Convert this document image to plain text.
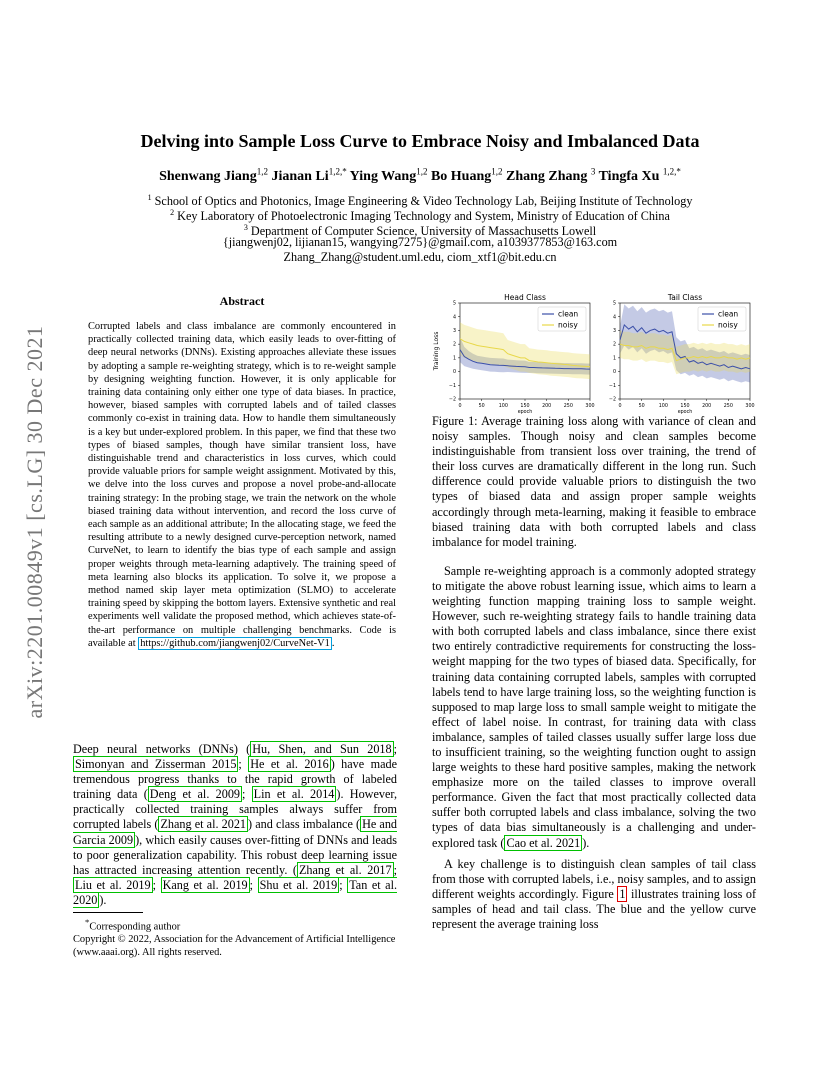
arXiv:2201.00849v1 [cs.LG] 30 Dec 2021
Delving into Sample Loss Curve to Embrace Noisy and Imbalanced Data
Shenwang Jiang$^{1,2}$ Jianan $Li^{1,2,*}$ Ying Wang$^{1,2}$ Bo Huang$^{1,2}$ Zhang Zhang $^3$ Tingfa Xu $^{1,2,*}$
$^1$ School of Optics and Photonics, Image Engineering & Video Technology Lab, Beijing Institute of Technology
$^2$ Key Laboratory of Photoelectronic Imaging Technology and System, Ministry of Education of China
$^3$ Department of Computer Science, University of Massachusetts Lowell
{jiangwenj02, lijianan15, wangying7275}@gmail.com, a1039377853@163.com
Zhang_Zhang@student.uml.edu, ciom_xtf1@bit.edu.cn
Abstract
Corrupted labels and class imbalance are commonly encountered in practically collected training data, which easily leads to over-fitting of deep neural networks (DNNs). Existing approaches alleviate these issues by adopting a sample re-weighting strategy, which is to re-weight sample by designing weighting function. However, it is only applicable for training data containing only either one type of data biases. In practice, however, biased samples with corrupted labels and of tailed classes commonly co-exist in training data. How to handle them simultaneously is a key but under-explored problem. In this paper, we find that these two types of biased samples, though have similar transient loss, have distinguishable trend and characteristics in loss curves, which could provide valuable priors for sample weight assignment. Motivated by this, we delve into the loss curves and propose a novel probe-and-allocate training strategy: In the probing stage, we train the network on the whole biased training data without intervention, and record the loss curve of each sample as an additional attribute; In the allocating stage, we feed the resulting attribute to a newly designed curve-perception network, named CurveNet, to learn to identify the bias type of each sample and assign proper weights through meta-learning adaptively. The training speed of meta learning also blocks its application. To solve it, we propose a method named skip layer meta optimization (SLMO) to accelerate training speed by skipping the bottom layers. Extensive synthetic and real experiments well validate the proposed method, which achieves state-of-the-art performance on multiple challenging benchmarks. Code is available at https://github.com/jiangwenj02/CurveNet-V1 .

Deep neural networks (DNNs) ( Hu, Shen, and Sun 2018 ; Simonyan and Zisserman 2015 ; He et al. 2016 ) have made tremendous progress thanks to the rapid growth of labeled training data ( Deng et al. 2009 ; Lin et al. 2014 ). However, practically collected training samples always suffer from corrupted labels ( Zhang et al. 2021 ) and class imbalance ( He and Garcia 2009 ), which easily causes over-fitting of DNNs and leads to poor generalization capability. This robust deep learning issue has attracted increasing attention recently. ( Zhang et al. 2017 ; Liu et al. 2019 ; Kang et al. 2019 ; Shu et al. 2019 ; Tan et al. 2020 ).

*Corresponding author
Copyright © 2022, Association for the Advancement of Artificial Intelligence (www.aaai.org). All rights reserved.
Head Class
0	50	100	150	200	250	300
−2
−1
0
1
2
3
4
5
epoch
Training Loss
clean
noisy
Tail Class
0	50	100	150	200	250	300
−2
−1
0
1
2
3
4
5
epoch
clean
noisy

Figure 1: Average training loss along with variance of clean and noisy samples. Though noisy and clean samples become indistinguishable from transient loss over training, the trend of their loss curves are dramatically different in the long run. Such difference could provide valuable priors to distinguish the two types of biased data and assign proper sample weights accordingly through meta-learning, making it feasible to embrace biased training data with both corrupted labels and class imbalance for model training.

Sample re-weighting approach is a commonly adopted strategy to mitigate the above robust learning issue, which aims to learn a weighting function mapping training loss to sample weight. However, such re-weighting strategy fails to handle training data with both corrupted labels and class imbalance, since there exist two entirely contradictive requirements for constructing the loss-weight mapping for the two types of biased data. Specifically, for training data containing corrupted labels, samples with corrupted labels tend to have large training loss, so the weighting function is supposed to map large loss to small sample weight to mitigate the effect of label noise. In contrast, for training data with class imbalance, samples of tailed classes usually suffer large loss due to insufficient training, so the weighting function ought to assign large weights to these hard positive samples, making the network emphasize more on the tailed classes to improve overall performance. Given the fact that most practically collected data suffer both corrupted labels and class imbalance, solving the two types of data bias simultaneously is a challenging and under-explored task ( Cao et al. 2021 ).

A key challenge is to distinguish clean samples of tail class from those with corrupted labels, i.e., noisy samples, and to assign different weights accordingly. Figure 1 illustrates training loss of samples of head and tail class. The blue and the yellow curve represent the average training loss
